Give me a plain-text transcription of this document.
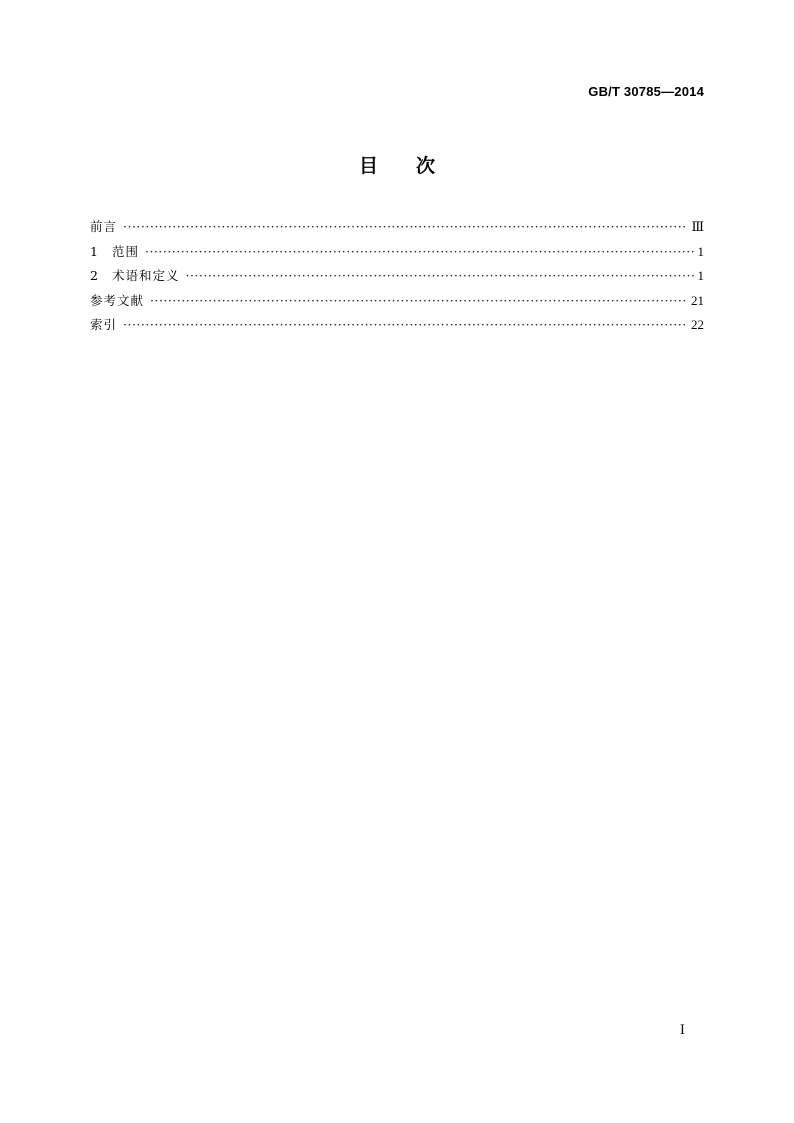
GB/T 30785—2014
目次
前言 ·····	Ⅲ
1 范围 ·····	1
2 术语和定义 ·····	1
参考文献 ·····	21
索引 ·····	22
Ⅰ
